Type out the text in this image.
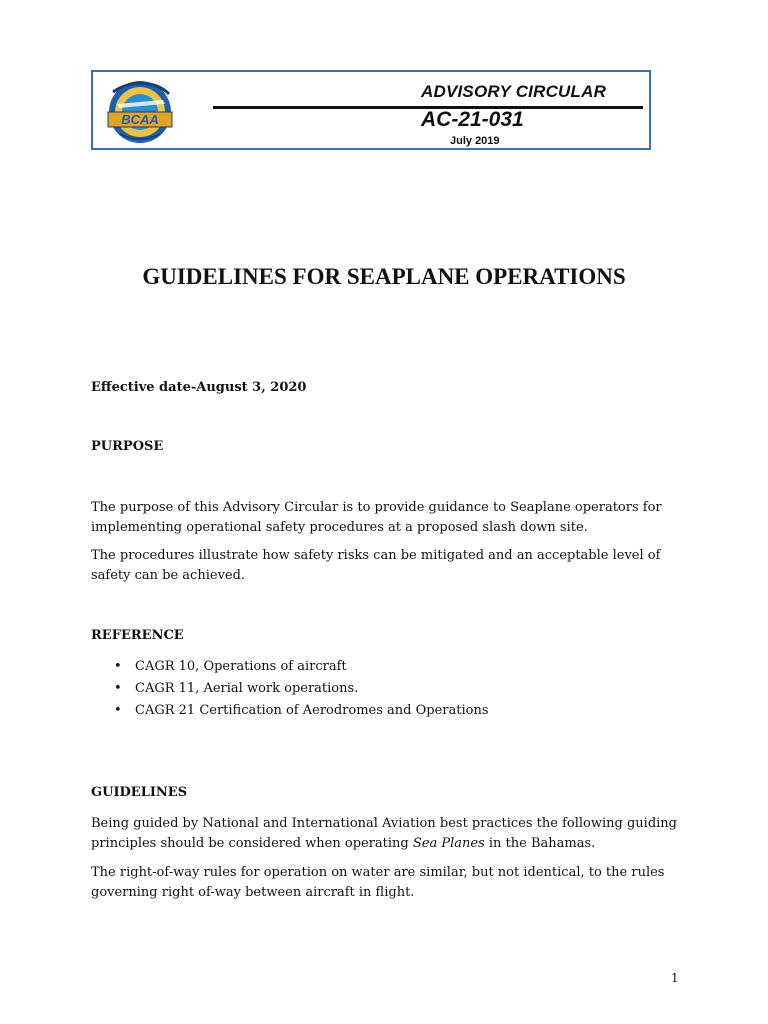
BCAA
ADVISORY CIRCULAR
AC-21-031
July 2019
GUIDELINES FOR SEAPLANE OPERATIONS
Effective date-August 3, 2020
PURPOSE
The purpose of this Advisory Circular is to provide guidance to Seaplane operators for
implementing operational safety procedures at a proposed slash down site.
The procedures illustrate how safety risks can be mitigated and an acceptable level of
safety can be achieved.
REFERENCE
• CAGR 10, Operations of aircraft
• CAGR 11, Aerial work operations.
• CAGR 21 Certification of Aerodromes and Operations
GUIDELINES
Being guided by National and International Aviation best practices the following guiding
principles should be considered when operating Sea Planes in the Bahamas.
The right-of-way rules for operation on water are similar, but not identical, to the rules
governing right of-way between aircraft in flight.
1
